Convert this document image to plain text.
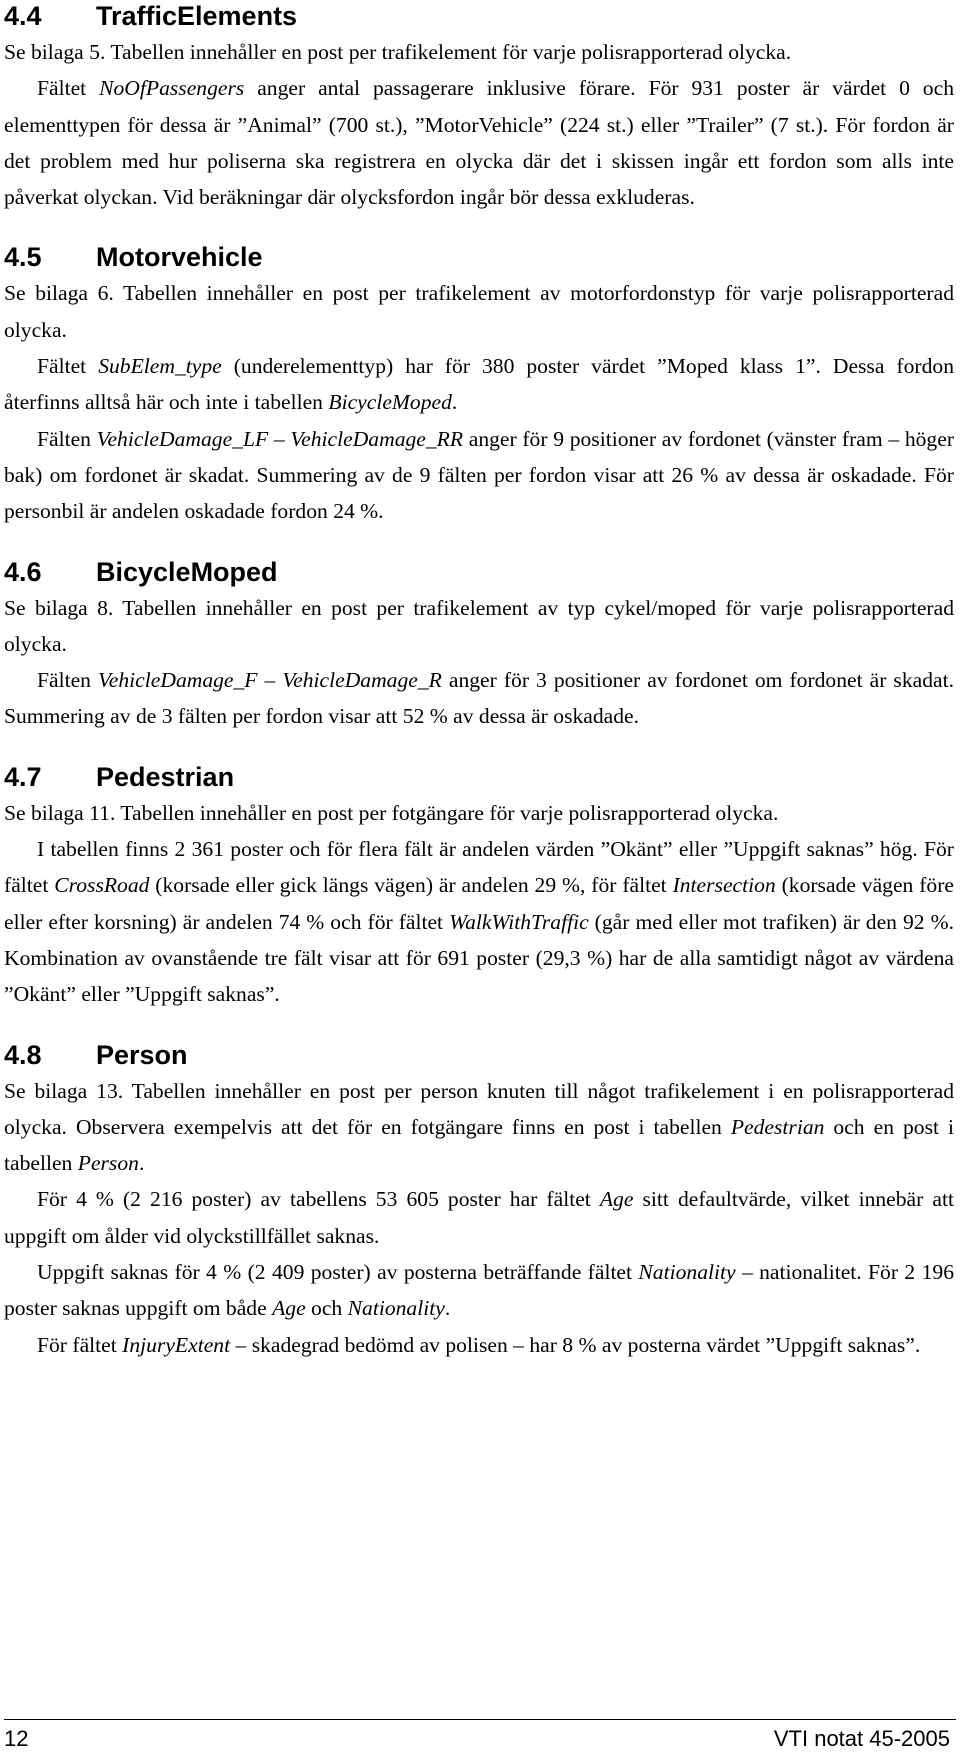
4.4 TrafficElements

Se bilaga 5. Tabellen innehåller en post per trafikelement för varje polisrapporterad olycka.

Fältet NoOfPassengers anger antal passagerare inklusive förare. För 931 poster är värdet 0 och elementtypen för dessa är ”Animal” (700 st.), ”MotorVehicle” (224 st.) eller ”Trailer” (7 st.). För fordon är det problem med hur poliserna ska registrera en olycka där det i skissen ingår ett fordon som alls inte påverkat olyckan. Vid beräkningar där olycksfordon ingår bör dessa exkluderas.

4.5 Motorvehicle

Se bilaga 6. Tabellen innehåller en post per trafikelement av motorfordonstyp för varje polisrapporterad olycka.

Fältet SubElem_type (underelementtyp) har för 380 poster värdet ”Moped klass 1”. Dessa fordon återfinns alltså här och inte i tabellen BicycleMoped.

Fälten VehicleDamage_LF – VehicleDamage_RR anger för 9 positioner av fordonet (vänster fram – höger bak) om fordonet är skadat. Summering av de 9 fälten per fordon visar att 26 % av dessa är oskadade. För personbil är andelen oskadade fordon 24 %.

4.6 BicycleMoped

Se bilaga 8. Tabellen innehåller en post per trafikelement av typ cykel/moped för varje polisrapporterad olycka.

Fälten VehicleDamage_F – VehicleDamage_R anger för 3 positioner av fordonet om fordonet är skadat. Summering av de 3 fälten per fordon visar att 52 % av dessa är oskadade.

4.7 Pedestrian

Se bilaga 11. Tabellen innehåller en post per fotgängare för varje polisrapporterad olycka.

I tabellen finns 2 361 poster och för flera fält är andelen värden ”Okänt” eller ”Uppgift saknas” hög. För fältet CrossRoad (korsade eller gick längs vägen) är andelen 29 %, för fältet Intersection (korsade vägen före eller efter korsning) är andelen 74 % och för fältet WalkWithTraffic (går med eller mot trafiken) är den 92 %. Kombination av ovanstående tre fält visar att för 691 poster (29,3 %) har de alla samtidigt något av värdena ”Okänt” eller ”Uppgift saknas”.

4.8 Person

Se bilaga 13. Tabellen innehåller en post per person knuten till något trafikelement i en polisrapporterad olycka. Observera exempelvis att det för en fotgängare finns en post i tabellen Pedestrian och en post i tabellen Person.

För 4 % (2 216 poster) av tabellens 53 605 poster har fältet Age sitt defaultvärde, vilket innebär att uppgift om ålder vid olyckstillfället saknas.

Uppgift saknas för 4 % (2 409 poster) av posterna beträffande fältet Nationality – nationalitet. För 2 196 poster saknas uppgift om både Age och Nationality.

För fältet InjuryExtent – skadegrad bedömd av polisen – har 8 % av posterna värdet ”Uppgift saknas”.

12	VTI notat 45-2005
